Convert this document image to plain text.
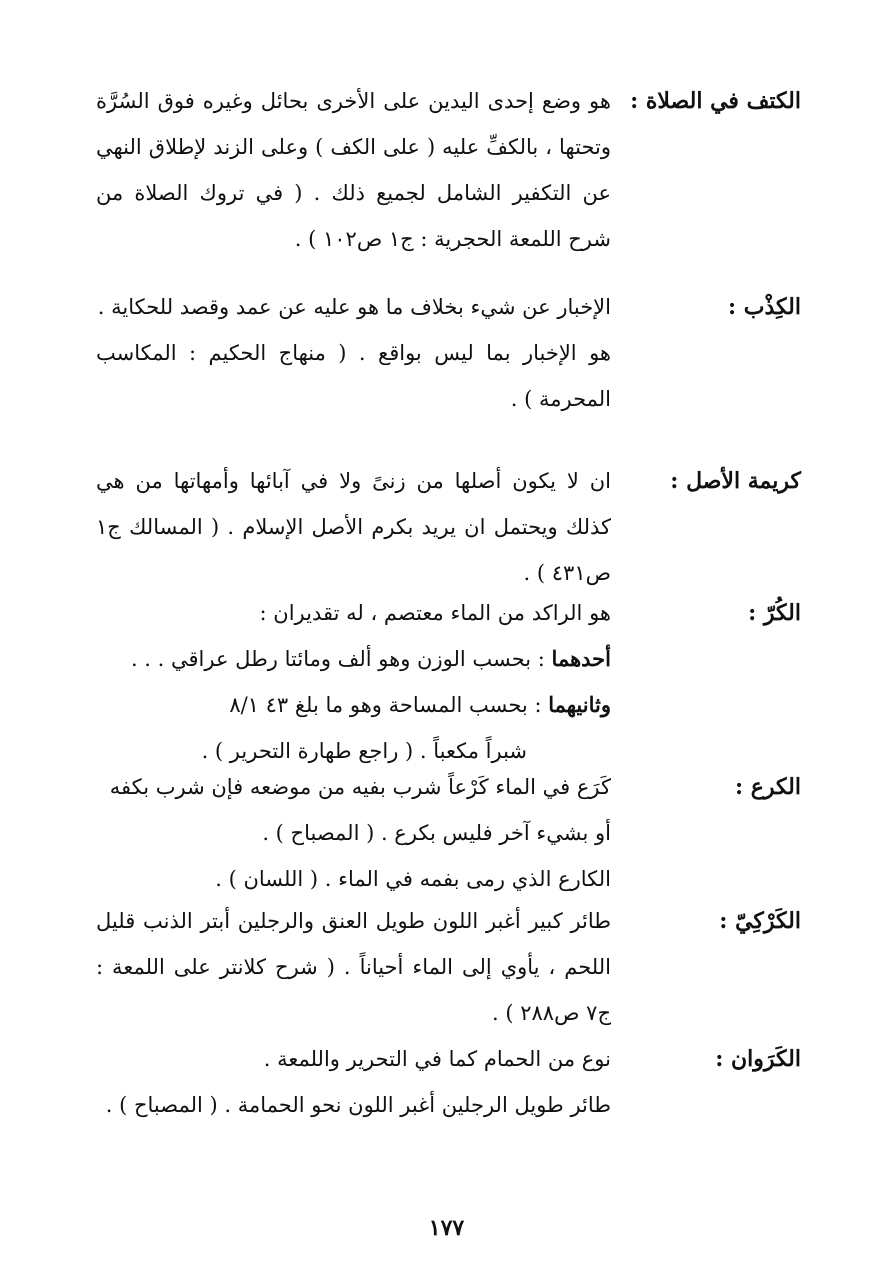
الكتف في الصلاة :
هو وضع إحدى اليدين على الأخرى بحائل وغيره فوق السُرَّة وتحتها ، بالكفِّ عليه ( على الكف ) وعلى الزند لإطلاق النهي عن التكفير الشامل لجميع ذلك . ( في تروك الصلاة من شرح اللمعة الحجرية : ج١ ص١٠٢ ) .
الكِذْب :
الإخبار عن شيء بخلاف ما هو عليه عن عمد وقصد للحكاية .
هو الإخبار بما ليس بواقع . ( منهاج الحكيم : المكاسب المحرمة ) .
كريمة الأصل :
ان لا يكون أصلها من زنىً ولا في آبائها وأمهاتها من هي كذلك ويحتمل ان يريد بكرم الأصل الإسلام . ( المسالك ج١ ص٤٣١ ) .
الكُرّ :
هو الراكد من الماء معتصم ، له تقديران :
أحدهما : بحسب الوزن وهو ألف ومائتا رطل عراقي . . .
وثانيهما : بحسب المساحة وهو ما بلغ ٤٣ ٨/١
شبراً مكعباً . ( راجع طهارة التحرير ) .
الكرع :
كَرَع في الماء كَرْعاً شرب بفيه من موضعه فإن شرب بكفه
أو بشيء آخر فليس بكرع . ( المصباح ) .
الكارع الذي رمى بفمه في الماء . ( اللسان ) .
الكَرْكِيّ :
طائر كبير أغبر اللون طويل العنق والرجلين أبتر الذنب قليل اللحم ، يأوي إلى الماء أحياناً . ( شرح كلانتر على اللمعة : ج٧ ص٢٨٨ ) .
الكَرَوان :
نوع من الحمام كما في التحرير واللمعة .
طائر طويل الرجلين أغبر اللون نحو الحمامة . ( المصباح ) .
١٧٧
